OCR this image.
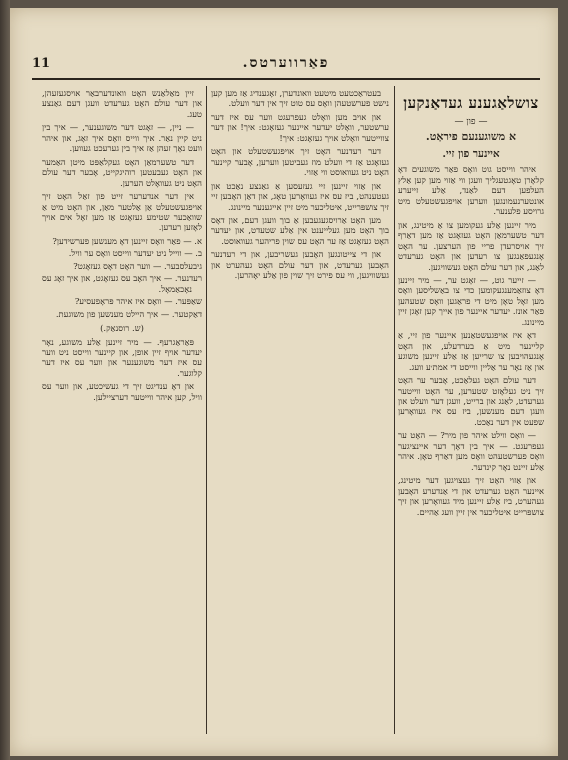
11	פאַרווערטס.
צושלאַגענע געדאַנקען
— פון —
א משוגענעם פיראַט.
איינער פון זיי.

איהר ווייסט גוט וואָס פאַר משוגעים דאָ קלאָרן טאָגטעגליך וועגן ווי אַזוי מען קען אַלץ העלפען דעם לאַנד, אַלע זייערע אונטערנעמונגען ווערען אויפגעשטעלט מיט גרויסע פלענער.

מיר זיינען אַלע געקומען צו אַ מיטינג, און דער טשערמאַן האָט געזאָגט אַז מען דאַרף זיך אויסרעדן פריי פון הערצען. ער האָט אָנגעפאַנגען צו רעדען און האָט גערעדט לאַנג, און דער עולם האָט געשוויגען.

— זייער גוט, — זאָגט ער, — מיר זיינען דאָ צוזאַמענגעקומען כדי צו באַשליסען וואָס מען זאָל טאָן מיט די פראַגען וואָס שטעהען פאַר אונז. יעדער איינער פון אייך קען זאָגן זיין מיינונג.

דאָ איז אויפגעשטאַנען איינער פון זיי, אַ קליינער מיט אַ בערדעלע, און האָט אָנגעהויבען צו שרייען אַז אַלע זיינען משוגע און אַז נאָר ער אַליין ווייסט די אמת׳ע וועג.

דער עולם האָט געלאַכט, אָבער ער האָט זיך ניט געלאָזט שטערען, ער האָט ווייטער גערעדט, לאַנג און ברייט, וועגן דער וועלט און וועגן דעם מענשען, ביז עס איז געוואָרען שפעט אין דער נאַכט.

— וואָס ווילט איהר פון מיר? — האָט ער געפרעגט. — איך בין דאָך דער איינציגער וואָס פערשטעהט וואָס מען דאַרף טאָן. איהר אַלע זיינט נאָר קינדער.

און אַזוי האָט זיך געצויגען דער מיטינג, איינער האָט גערעדט און די אַנדערע האָבען געהערט, ביז אַלע זיינען מיד געוואָרען און זיך צושפּרייט איטליכער אין זיין וועג אַהיים.

בעטראַכטעט מיטעט וואונדערן, זאָגענדיג אַז מען קען נישט פערשטעהן וואָס עס טוט זיך אין דער וועלט.

און אויב מען וואָלט געפרעגט ווער עס איז דער ערשטער, וואָלט יעדער איינער געזאָגט: איך! און דער צווייטער וואָלט אויך געזאָגט: איך!

דער רעדנער האָט זיך אויפגעשטעלט און האָט געזאָגט אַז די וועלט מוז געביטען ווערען, אָבער קיינער האָט ניט געוואוסט ווי אַזוי.

און אַזוי זיינען זיי געזעסען אַ גאַנצע נאַכט און געטענהט, ביז עס איז געוואָרען טאָג, און דאַן האָבען זיי זיך צושפּרייט, איטליכער מיט זיין אייגענער מיינונג.

מען האָט אַרויסגעגעבען אַ בוך וועגן דעם, און דאָס בוך האָט מען געלייענט אין אַלע שטעדט, און יעדער האָט געזאָגט אַז ער האָט עס שוין פריהער געוואוסט.

און די צייטונגען האָבען געשריבען, און די רעדנער האָבען גערעדט, און דער עולם האָט געהערט און געשוויגען, ווי עס פירט זיך שוין פון אַלע יאָהרען.

זיין מאַלאַנש האָט וואונדערבאַר אויסגעזעהן, און דער עולם האָט גערעדט וועגן דעם גאַנצע טעג.

— ניין, — זאָגט דער משוגענער, — איך בין ניט קיין נאַר. איך ווייס וואָס איך זאָג, און איהר וועט נאָך זעהן אַז איך בין גערעכט געווען.

דער טשערמאַן האָט געקלאַפּט מיטן האַמער און האָט געבעטען רוהיגקייט, אָבער דער עולם האָט ניט געוואָלט הערען.

אין דער אנדערער זייט פון זאַל האָט זיך אויפגעשטעלט אַן אַלטער מאַן, און האָט מיט אַ שוואַכער שטימע געזאָגט אַז מען זאָל אים אויך לאָזען רעדען.

א. — פאַר וואָס זיינען דאָ מענשען פערשידען?
ב. — ווייל ניט יעדער ווייסט וואָס ער וויל.
גיבעלסבער. — ווער האָט דאָס געזאָגט?
רעדנער. — איך האָב עס געזאָגט, און איך זאָג עס נאָכאַמאָל.
שאַפּער. — וואָס איז איהר פּראָפעסיע?
דאַקטער. — איך היילט מענשען פון משוגעת.
(ש. רוסנאַק.)

פּאַראַגרעף. — מיר זיינען אַלע משוגע, נאָר יעדער אויף זיין אופן, און קיינער ווייסט ניט ווער עס איז דער משוגענער און ווער עס איז דער קלוגער.

און דאָ ענדיגט זיך די געשיכטע, און ווער עס וויל, קען איהר ווייטער דערציילען.
